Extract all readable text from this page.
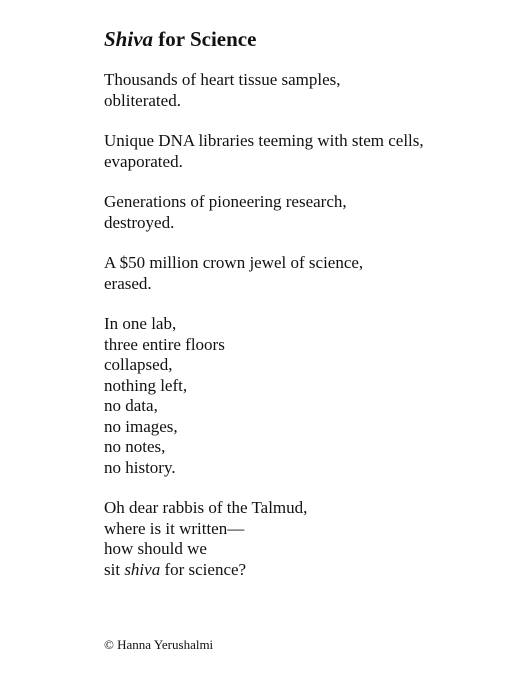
Shiva for Science
Thousands of heart tissue samples,
obliterated.
Unique DNA libraries teeming with stem cells,
evaporated.
Generations of pioneering research,
destroyed.
A $50 million crown jewel of science,
erased.
In one lab,
three entire floors
collapsed,
nothing left,
no data,
no images,
no notes,
no history.
Oh dear rabbis of the Talmud,
where is it written—
how should we
sit shiva for science?
© Hanna Yerushalmi
